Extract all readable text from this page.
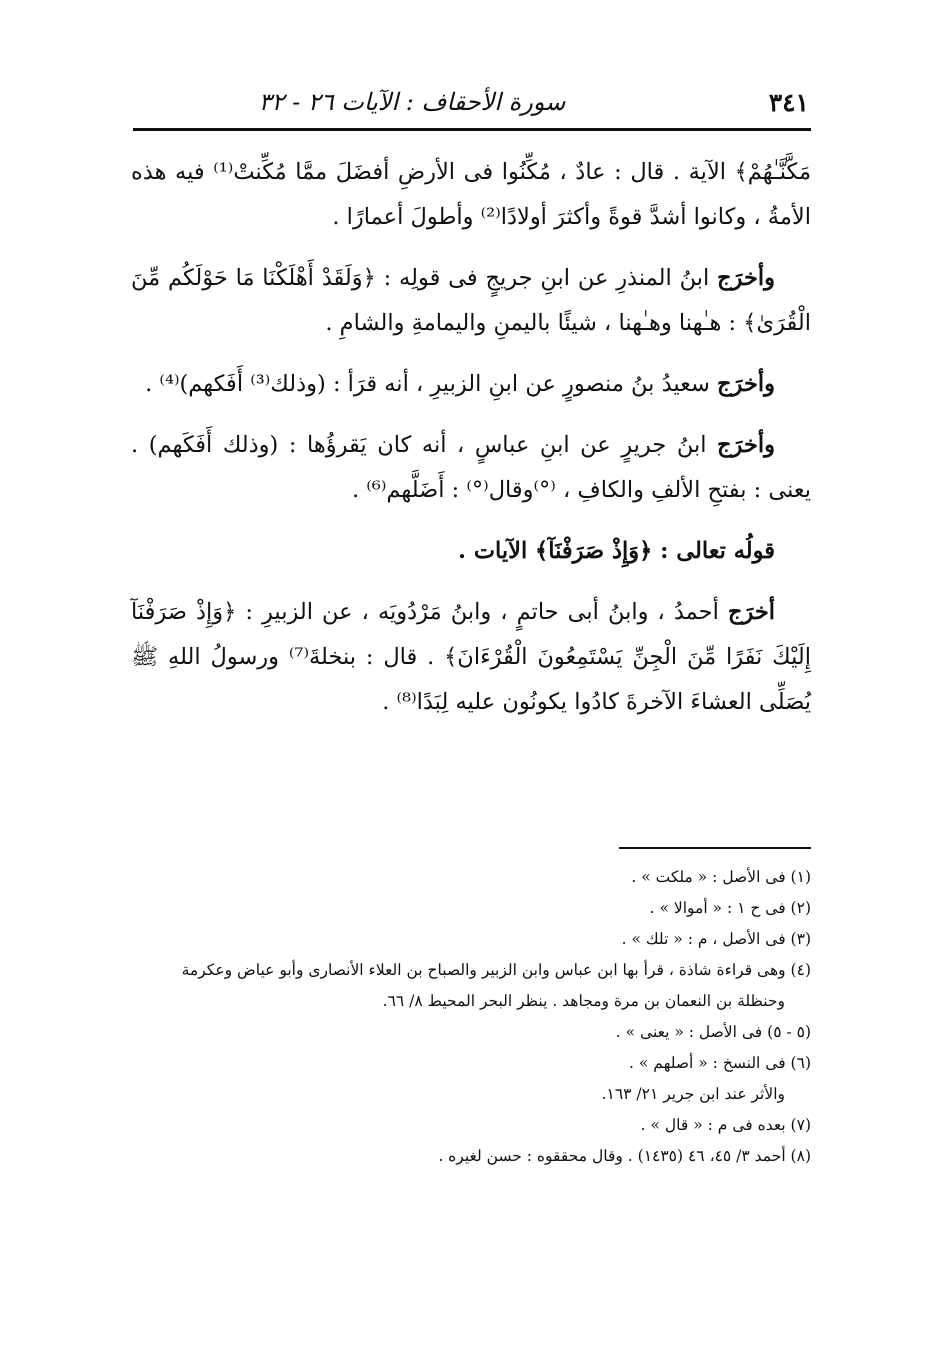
٣٤١
سورة الأحقاف : الآيات ٢٦ - ٣٢

مَكَّنَّـٰهُمْ﴾ الآية . قال : عادٌ ، مُكِّنُوا فى الأرضِ أفضَلَ ممَّا مُكِّنتْ⁽¹⁾ فيه هذه الأمةُ ، وكانوا أشدَّ قوةً وأكثرَ أولادًا⁽²⁾ وأطولَ أعمارًا .

وأخرَج ابنُ المنذرِ عن ابنِ جريجٍ فى قولِه : ﴿وَلَقَدْ أَهْلَكْنَا مَا حَوْلَكُم مِّنَ الْقُرَىٰ﴾ : هـٰهنا وهـٰهنا ، شيئًا باليمنِ واليمامةِ والشامِ .

وأخرَج سعيدُ بنُ منصورٍ عن ابنِ الزبيرِ ، أنه قرَأ : (وذلك⁽³⁾ أَفَكهم)⁽⁴⁾ .

وأخرَج ابنُ جريرٍ عن ابنِ عباسٍ ، أنه كان يَقرؤُها : (وذلك أَفَكَهم) . يعنى : بفتحِ الألفِ والكافِ ، ⁽°⁾وقال⁽°⁾ : أَضَلَّهم⁽⁶⁾ .

قولُه تعالى : ﴿وَإِذْ صَرَفْنَآ﴾ الآيات .

أخرَج أحمدُ ، وابنُ أبى حاتمٍ ، وابنُ مَرْدُويَه ، عن الزبيرِ : ﴿وَإِذْ صَرَفْنَآ إِلَيْكَ نَفَرًا مِّنَ الْجِنِّ يَسْتَمِعُونَ الْقُرْءَانَ﴾ . قال : بنخلةَ⁽⁷⁾ ورسولُ اللهِ ﷺ يُصَلِّى العشاءَ الآخرةَ كادُوا يكونُون عليه لِبَدًا⁽⁸⁾ .

(١) فى الأصل : « ملكت » .
(٢) فى ح ١ : « أموالا » .
(٣) فى الأصل ، م : « تلك » .
(٤) وهى قراءة شاذة ، قرأ بها ابن عباس وابن الزبير والصباح بن العلاء الأنصارى وأبو عياض وعكرمة
وحنظلة بن النعمان بن مرة ومجاهد . ينظر البحر المحيط ٨/ ٦٦.
(٥ - ٥) فى الأصل : « يعنى » .
(٦) فى النسخ : « أصلهم » .
والأثر عند ابن جرير ٢١/ ١٦٣.
(٧) بعده فى م : « قال » .
(٨) أحمد ٣/ ٤٥، ٤٦ (١٤٣٥) . وقال محققوه : حسن لغيره .
